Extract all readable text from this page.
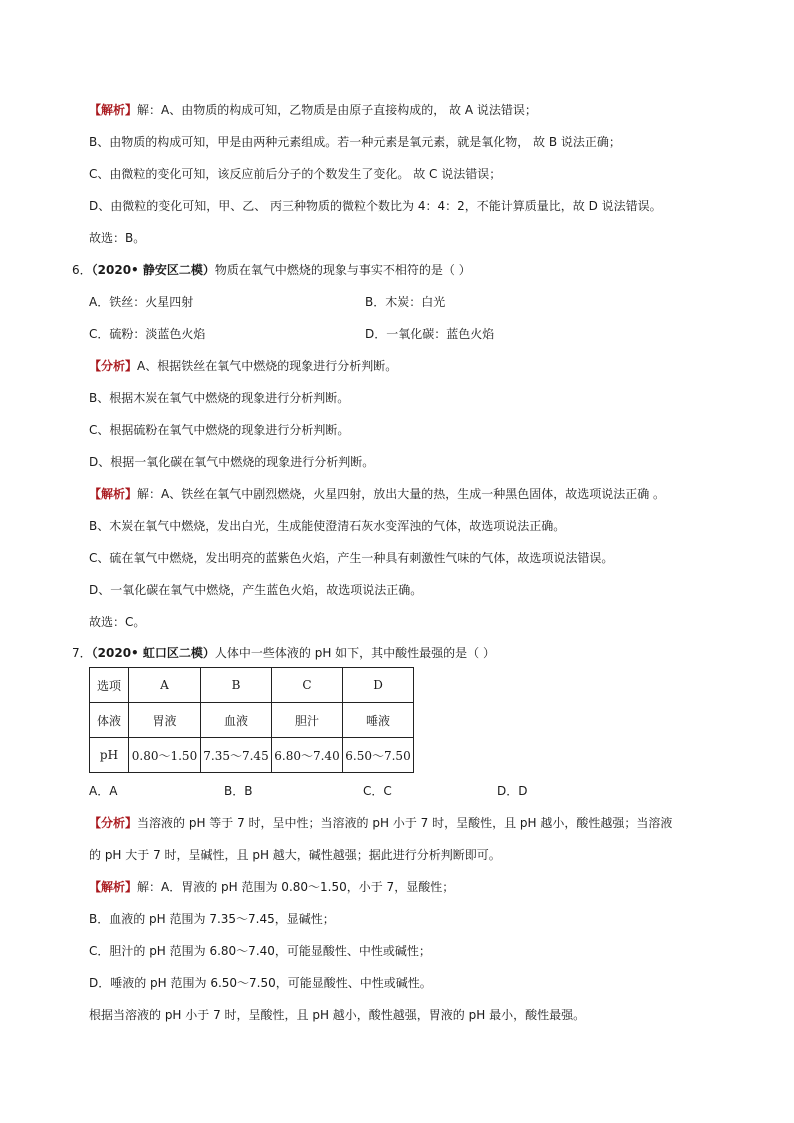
【解析】解：A、由物质的构成可知，乙物质是由原子直接构成的， 故 A 说法错误；
B、由物质的构成可知，甲是由两种元素组成。若一种元素是氧元素，就是氧化物， 故 B 说法正确；
C、由微粒的变化可知，该反应前后分子的个数发生了变化。 故 C 说法错误；
D、由微粒的变化可知，甲、乙、 丙三种物质的微粒个数比为 4：4：2，不能计算质量比，故 D 说法错误。
故选：B。
6．（2020• 静安区二模）物质在氧气中燃烧的现象与事实不相符的是（ ）
A．铁丝：火星四射	B．木炭：白光
C．硫粉：淡蓝色火焰	D．一氧化碳：蓝色火焰
【分析】A、根据铁丝在氧气中燃烧的现象进行分析判断。
B、根据木炭在氧气中燃烧的现象进行分析判断。
C、根据硫粉在氧气中燃烧的现象进行分析判断。
D、根据一氧化碳在氧气中燃烧的现象进行分析判断。
【解析】解：A、铁丝在氧气中剧烈燃烧，火星四射，放出大量的热，生成一种黑色固体，故选项说法正确 。
B、木炭在氧气中燃烧，发出白光，生成能使澄清石灰水变浑浊的气体，故选项说法正确。
C、硫在氧气中燃烧，发出明亮的蓝紫色火焰，产生一种具有刺激性气味的气体，故选项说法错误。
D、一氧化碳在氧气中燃烧，产生蓝色火焰，故选项说法正确。
故选：C。
7．（2020• 虹口区二模）人体中一些体液的 pH 如下，其中酸性最强的是（ ）
选项	A	B	C	D
体液	胃液	血液	胆汁	唾液
pH	0.80～1.50	7.35～7.45	6.80～7.40	6.50～7.50
A．A	B．B	C．C	D．D
【分析】当溶液的 pH 等于 7 时，呈中性；当溶液的 pH 小于 7 时，呈酸性，且 pH 越小，酸性越强；当溶液
的 pH 大于 7 时，呈碱性，且 pH 越大，碱性越强；据此进行分析判断即可。
【解析】解：A．胃液的 pH 范围为 0.80～1.50，小于 7，显酸性；
B．血液的 pH 范围为 7.35～7.45，显碱性；
C．胆汁的 pH 范围为 6.80～7.40，可能显酸性、中性或碱性；
D．唾液的 pH 范围为 6.50～7.50，可能显酸性、中性或碱性。
根据当溶液的 pH 小于 7 时，呈酸性，且 pH 越小，酸性越强，胃液的 pH 最小，酸性最强。
